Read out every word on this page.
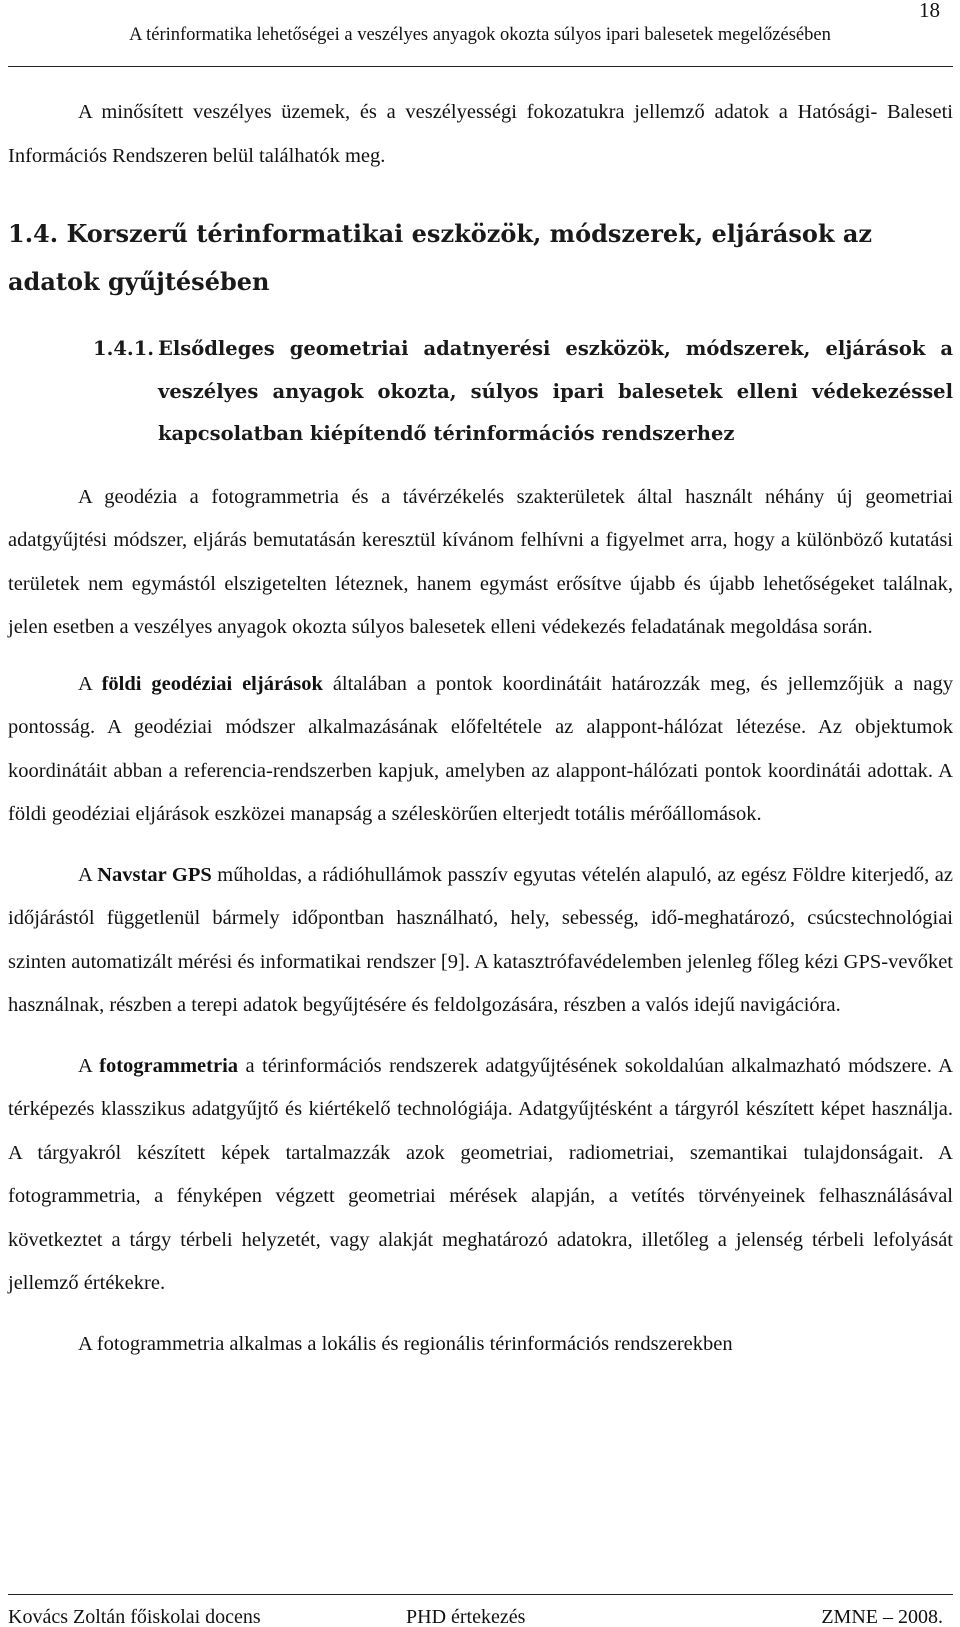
18
A térinformatika lehetőségei a veszélyes anyagok okozta súlyos ipari balesetek megelőzésében

A minősített veszélyes üzemek, és a veszélyességi fokozatukra jellemző adatok a Hatósági- Baleseti Információs Rendszeren belül találhatók meg.

1.4. Korszerű térinformatikai eszközök, módszerek, eljárások az adatok gyűjtésében
1.4.1. Elsődleges geometriai adatnyerési eszközök, módszerek, eljárások a veszélyes anyagok okozta, súlyos ipari balesetek elleni védekezéssel kapcsolatban kiépítendő térinformációs rendszerhez

A geodézia a fotogrammetria és a távérzékelés szakterületek által használt néhány új geometriai adatgyűjtési módszer, eljárás bemutatásán keresztül kívánom felhívni a figyelmet arra, hogy a különböző kutatási területek nem egymástól elszigetelten léteznek, hanem egymást erősítve újabb és újabb lehetőségeket találnak, jelen esetben a veszélyes anyagok okozta súlyos balesetek elleni védekezés feladatának megoldása során.

A földi geodéziai eljárások általában a pontok koordinátáit határozzák meg, és jellemzőjük a nagy pontosság. A geodéziai módszer alkalmazásának előfeltétele az alappont-hálózat létezése. Az objektumok koordinátáit abban a referencia-rendszerben kapjuk, amelyben az alappont-hálózati pontok koordinátái adottak. A földi geodéziai eljárások eszközei manapság a széleskörűen elterjedt totális mérőállomások.

A Navstar GPS műholdas, a rádióhullámok passzív egyutas vételén alapuló, az egész Földre kiterjedő, az időjárástól függetlenül bármely időpontban használható, hely, sebesség, idő-meghatározó, csúcstechnológiai szinten automatizált mérési és informatikai rendszer [9]. A katasztrófavédelemben jelenleg főleg kézi GPS-vevőket használnak, részben a terepi adatok begyűjtésére és feldolgozására, részben a valós idejű navigációra.

A fotogrammetria a térinformációs rendszerek adatgyűjtésének sokoldalúan alkalmazható módszere. A térképezés klasszikus adatgyűjtő és kiértékelő technológiája. Adatgyűjtésként a tárgyról készített képet használja. A tárgyakról készített képek tartalmazzák azok geometriai, radiometriai, szemantikai tulajdonságait. A fotogrammetria, a fényképen végzett geometriai mérések alapján, a vetítés törvényeinek felhasználásával következtet a tárgy térbeli helyzetét, vagy alakját meghatározó adatokra, illetőleg a jelenség térbeli lefolyását jellemző értékekre.

A fotogrammetria alkalmas a lokális és regionális térinformációs rendszerekben

Kovács Zoltán főiskolai docens	PHD értekezés	ZMNE – 2008.
